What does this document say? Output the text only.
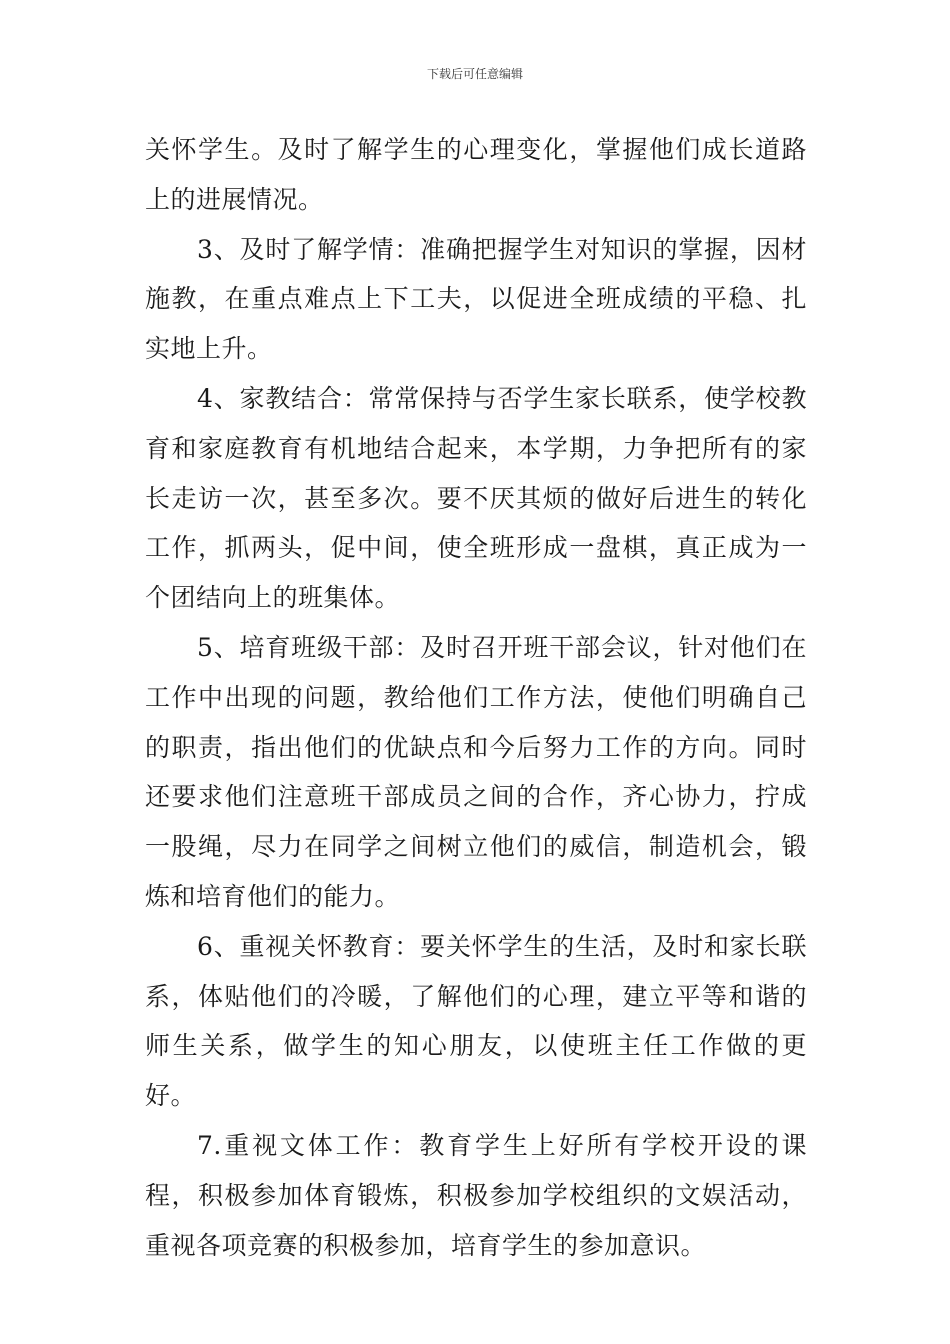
下载后可任意编辑

关怀学生。及时了解学生的心理变化，掌握他们成长道路上的进展情况。

3、及时了解学情：准确把握学生对知识的掌握，因材施教，在重点难点上下工夫，以促进全班成绩的平稳、扎实地上升。

4、家教结合：常常保持与否学生家长联系，使学校教育和家庭教育有机地结合起来，本学期，力争把所有的家长走访一次，甚至多次。要不厌其烦的做好后进生的转化工作，抓两头，促中间，使全班形成一盘棋，真正成为一个团结向上的班集体。

5、培育班级干部：及时召开班干部会议，针对他们在工作中出现的问题，教给他们工作方法，使他们明确自己的职责，指出他们的优缺点和今后努力工作的方向。同时还要求他们注意班干部成员之间的合作，齐心协力，拧成一股绳，尽力在同学之间树立他们的威信，制造机会，锻炼和培育他们的能力。

6、重视关怀教育：要关怀学生的生活，及时和家长联系，体贴他们的冷暖，了解他们的心理，建立平等和谐的师生关系，做学生的知心朋友，以使班主任工作做的更好。

7.重视文体工作：教育学生上好所有学校开设的课程，积极参加体育锻炼，积极参加学校组织的文娱活动，重视各项竞赛的积极参加，培育学生的参加意识。
